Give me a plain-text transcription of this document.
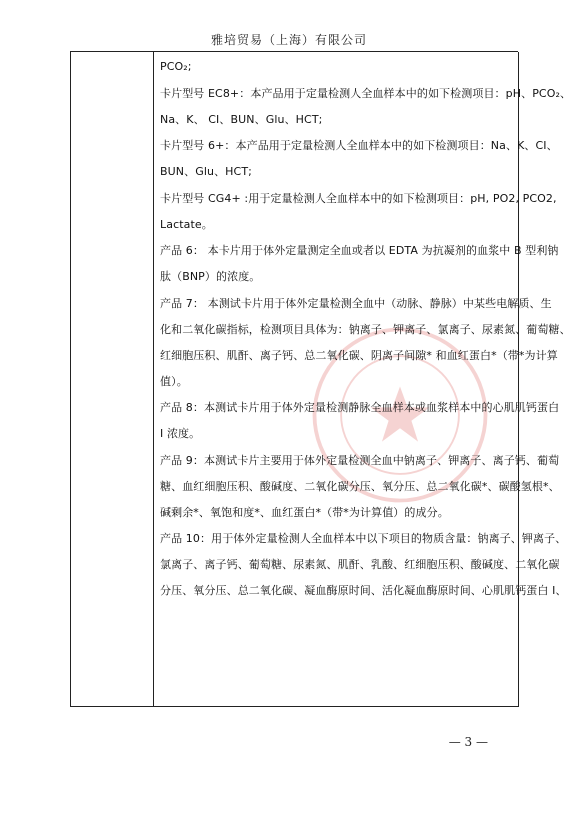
雅培贸易（上海）有限公司

PCO₂;

卡片型号 EC8+：本产品用于定量检测人全血样本中的如下检测项目：pH、PCO₂、

Na、K、 CI、BUN、Glu、HCT;

卡片型号 6+：本产品用于定量检测人全血样本中的如下检测项目：Na、K、CI、

BUN、Glu、HCT;

卡片型号 CG4+ :用于定量检测人全血样本中的如下检测项目：pH, PO2, PCO2,

Lactate。

产品 6： 本卡片用于体外定量测定全血或者以 EDTA 为抗凝剂的血浆中 B 型利钠

肽（BNP）的浓度。

产品 7： 本测试卡片用于体外定量检测全血中（动脉、静脉）中某些电解质、生

化和二氧化碳指标，检测项目具体为：钠离子、钾离子、氯离子、尿素氮、葡萄糖、

红细胞压积、肌酐、离子钙、总二氧化碳、阴离子间隙* 和血红蛋白*（带*为计算

值）。

产品 8：本测试卡片用于体外定量检测静脉全血样本或血浆样本中的心肌肌钙蛋白

I 浓度。

产品 9：本测试卡片主要用于体外定量检测全血中钠离子、钾离子、离子钙、葡萄

糖、血红细胞压积、酸碱度、二氧化碳分压、氧分压、总二氧化碳*、碳酸氢根*、

碱剩余*、氧饱和度*、血红蛋白*（带*为计算值）的成分。

产品 10：用于体外定量检测人全血样本中以下项目的物质含量：钠离子、钾离子、

氯离子、离子钙、葡萄糖、尿素氮、肌酐、乳酸、红细胞压积、酸碱度、二氧化碳

分压、氧分压、总二氧化碳、凝血酶原时间、活化凝血酶原时间、心肌肌钙蛋白 I、

— 3 —
